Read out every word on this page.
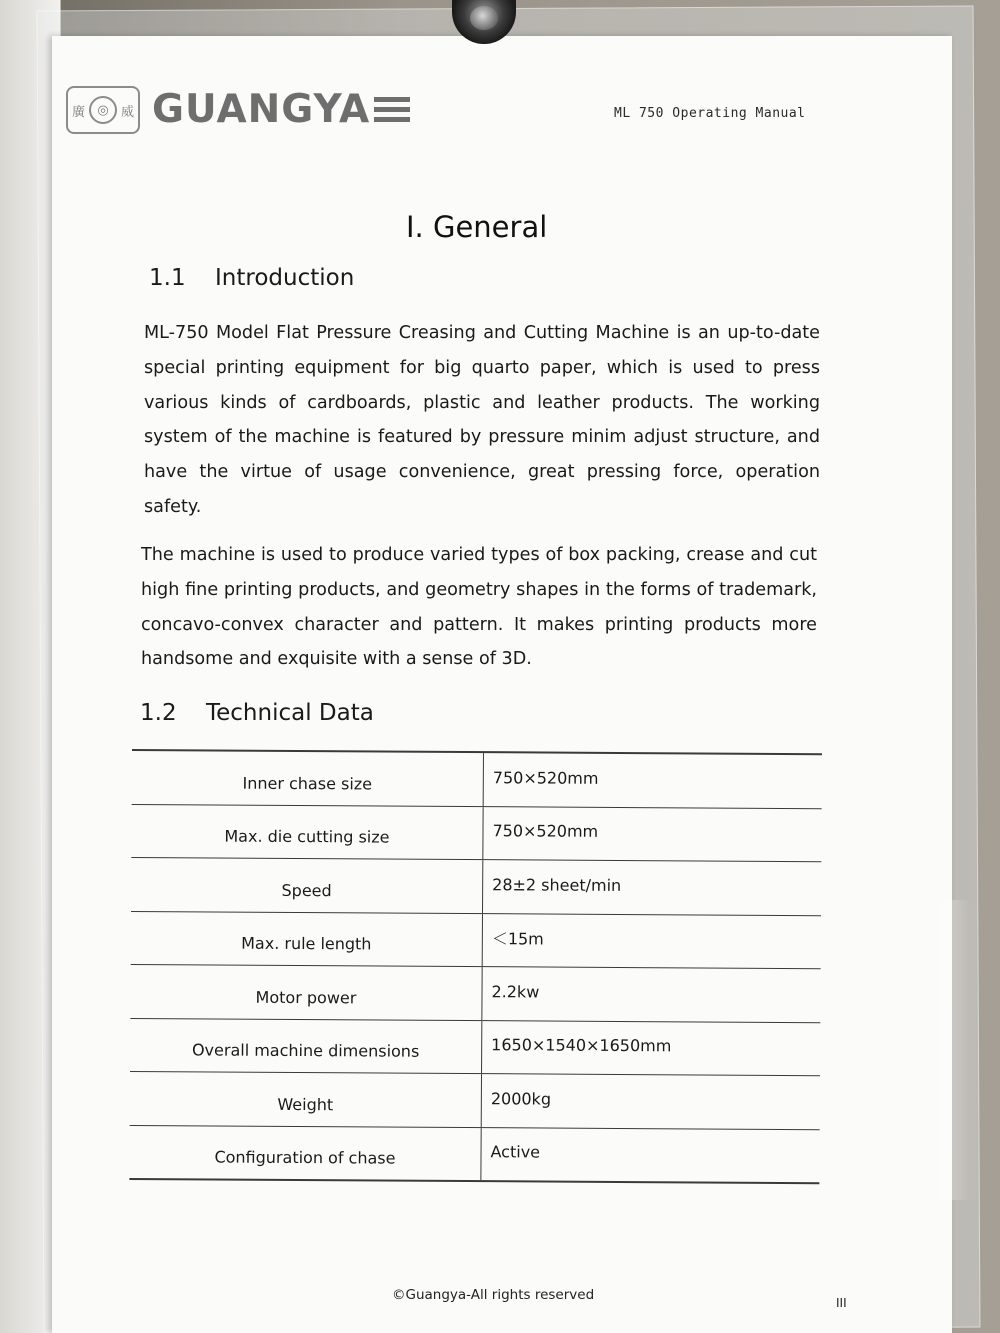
廣 ◎ 威 GUANGYA	ML 750 Operating Manual
I. General
1.1 Introduction
ML-750 Model Flat Pressure Creasing and Cutting Machine is an up-to-date special printing equipment for big quarto paper, which is used to press various kinds of cardboards, plastic and leather products. The working system of the machine is featured by pressure minim adjust structure, and have the virtue of usage convenience, great pressing force, operation safety.
The machine is used to produce varied types of box packing, crease and cut high fine printing products, and geometry shapes in the forms of trademark, concavo-convex character and pattern. It makes printing products more handsome and exquisite with a sense of 3D.
1.2 Technical Data
Inner chase size	750×520mm
Max. die cutting size	750×520mm
Speed	28±2 sheet/min
Max. rule length	＜15m
Motor power	2.2kw
Overall machine dimensions	1650×1540×1650mm
Weight	2000kg
Configuration of chase	Active
©Guangya-All rights reserved	III
